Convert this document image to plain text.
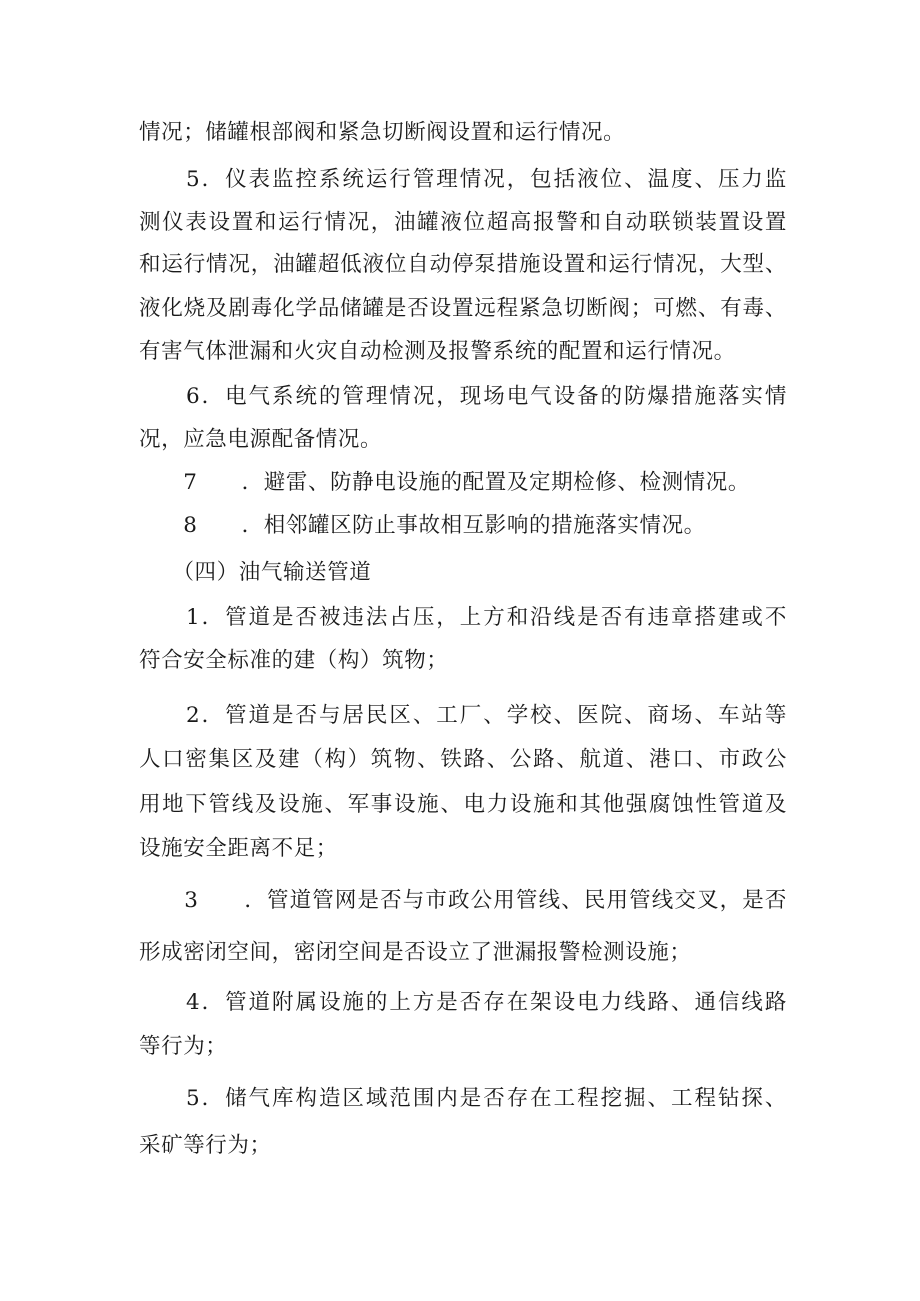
情况；储罐根部阀和紧急切断阀设置和运行情况。
　　5．仪表监控系统运行管理情况，包括液位、温度、压力监
测仪表设置和运行情况，油罐液位超高报警和自动联锁装置设置
和运行情况，油罐超低液位自动停泵措施设置和运行情况，大型、
液化烧及剧毒化学品储罐是否设置远程紧急切断阀；可燃、有毒、
有害气体泄漏和火灾自动检测及报警系统的配置和运行情况。
　　6．电气系统的管理情况，现场电气设备的防爆措施落实情
况，应急电源配备情况。
　　7　　．避雷、防静电设施的配置及定期检修、检测情况。
　　8　　．相邻罐区防止事故相互影响的措施落实情况。
　　（四）油气输送管道
　　1．管道是否被违法占压，上方和沿线是否有违章搭建或不
符合安全标准的建（构）筑物；
　　2．管道是否与居民区、工厂、学校、医院、商场、车站等
人口密集区及建（构）筑物、铁路、公路、航道、港口、市政公
用地下管线及设施、军事设施、电力设施和其他强腐蚀性管道及
设施安全距离不足；
　　3　　．管道管网是否与市政公用管线、民用管线交叉，是否
形成密闭空间，密闭空间是否设立了泄漏报警检测设施；
　　4．管道附属设施的上方是否存在架设电力线路、通信线路
等行为；
　　5．储气库构造区域范围内是否存在工程挖掘、工程钻探、
采矿等行为；
